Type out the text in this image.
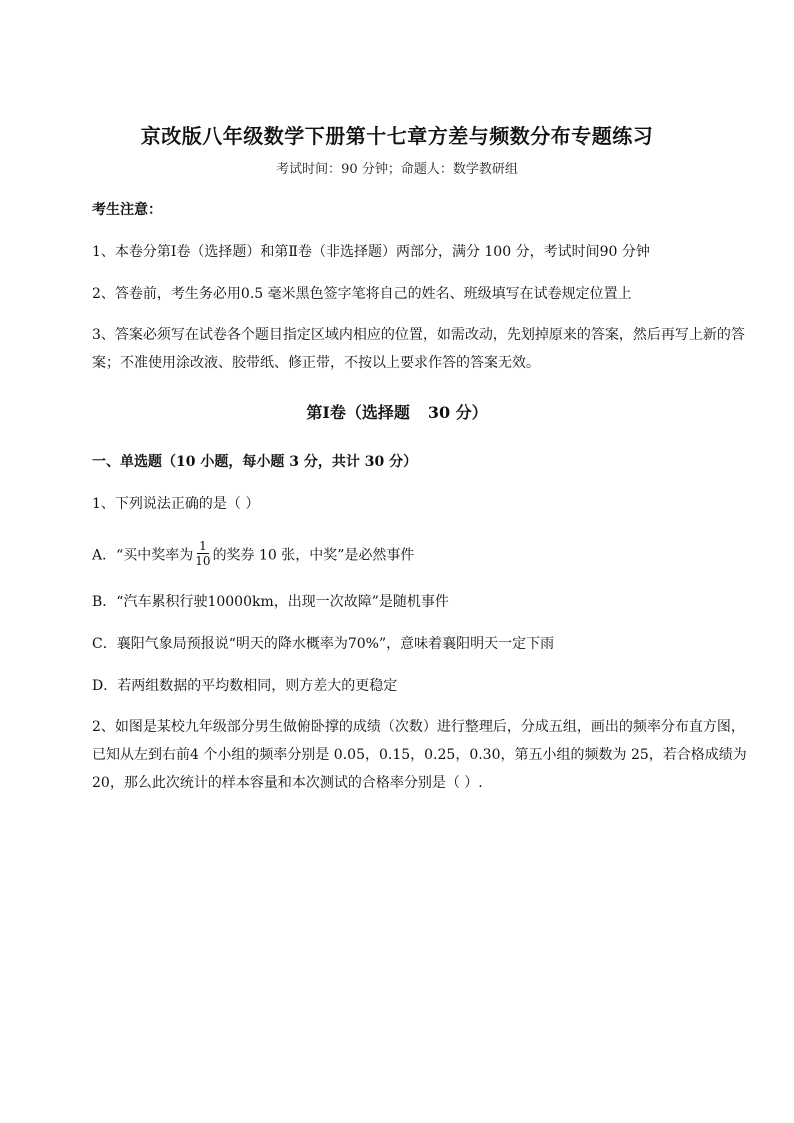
京改版八年级数学下册第十七章方差与频数分布专题练习

考试时间：90 分钟；命题人：数学教研组

考生注意：

1、本卷分第Ⅰ卷（选择题）和第Ⅱ卷（非选择题）两部分，满分 100 分，考试时间90 分钟

2、答卷前，考生务必用0.5 毫米黑色签字笔将自己的姓名、班级填写在试卷规定位置上

3、答案必须写在试卷各个题目指定区域内相应的位置，如需改动，先划掉原来的答案，然后再写上新的答案；不准使用涂改液、胶带纸、修正带，不按以上要求作答的答案无效。

第Ⅰ卷（选择题 30 分）

一、单选题（10 小题，每小题 3 分，共计 30 分）

1、下列说法正确的是（ ）

A．“买中奖率为 $\frac{1}{10}$ 的奖券 10 张，中奖”是必然事件

B．“汽车累积行驶10000km，出现一次故障”是随机事件

C．襄阳气象局预报说“明天的降水概率为70%”，意味着襄阳明天一定下雨

D．若两组数据的平均数相同，则方差大的更稳定

2、如图是某校九年级部分男生做俯卧撑的成绩（次数）进行整理后，分成五组，画出的频率分布直方图，已知从左到右前4 个小组的频率分别是 0.05，0.15，0.25，0.30，第五小组的频数为 25，若合格成绩为 20，那么此次统计的样本容量和本次测试的合格率分别是（ ）.
